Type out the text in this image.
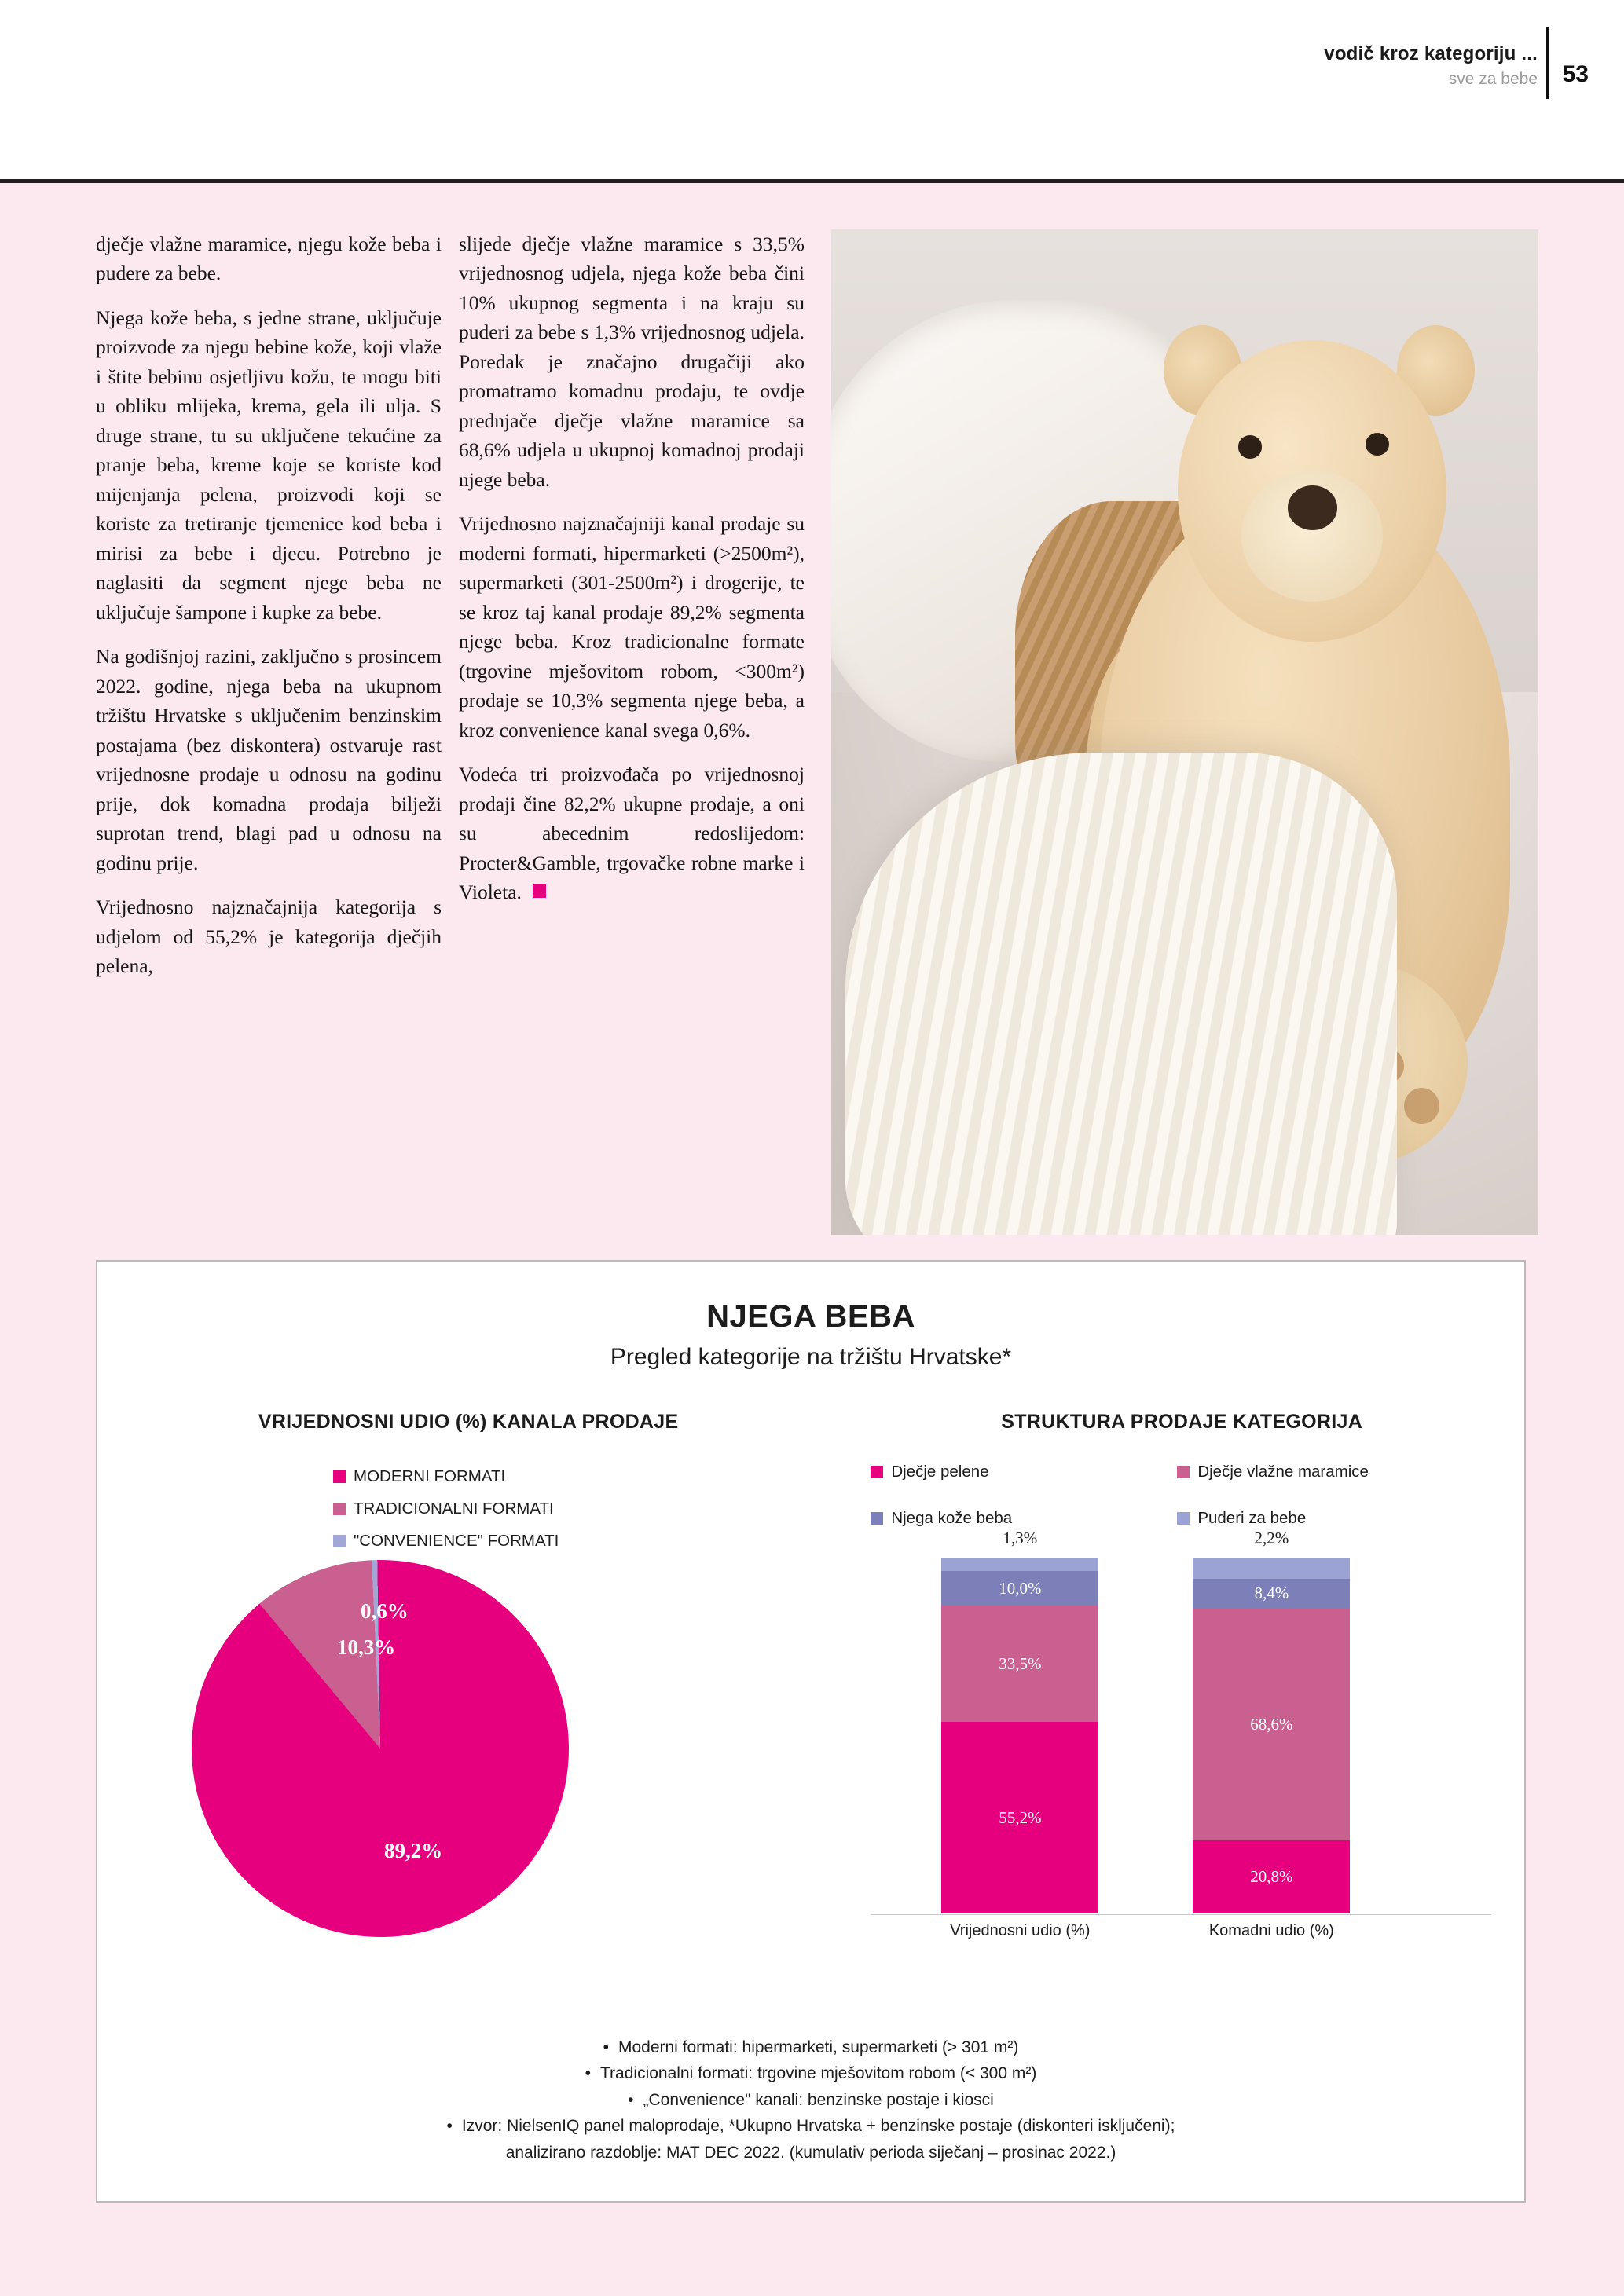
vodič kroz kategoriju ...
sve za bebe 53

dječje vlažne maramice, njegu kože beba i pudere za bebe.

Njega kože beba, s jedne strane, uključuje proizvode za njegu bebine kože, koji vlaže i štite bebinu osjetljivu kožu, te mogu biti u obliku mlijeka, krema, gela ili ulja. S druge strane, tu su uključene tekućine za pranje beba, kreme koje se koriste kod mijenjanja pelena, proizvodi koji se koriste za tretiranje tjemenice kod beba i mirisi za bebe i djecu. Potrebno je naglasiti da segment njege beba ne uključuje šampone i kupke za bebe.

Na godišnjoj razini, zaključno s prosincem 2022. godine, njega beba na ukupnom tržištu Hrvatske s uključenim benzinskim postajama (bez diskontera) ostvaruje rast vrijednosne prodaje u odnosu na godinu prije, dok komadna prodaja bilježi suprotan trend, blagi pad u odnosu na godinu prije.

Vrijednosno najznačajnija kategorija s udjelom od 55,2% je kategorija dječjih pelena,

slijede dječje vlažne maramice s 33,5% vrijednosnog udjela, njega kože beba čini 10% ukupnog segmenta i na kraju su puderi za bebe s 1,3% vrijednosnog udjela. Poredak je značajno drugačiji ako promatramo komadnu prodaju, te ovdje prednjače dječje vlažne maramice sa 68,6% udjela u ukupnoj komadnoj prodaji njege beba.

Vrijednosno najznačajniji kanal prodaje su moderni formati, hipermarketi (>2500m²), supermarketi (301-2500m²) i drogerije, te se kroz taj kanal prodaje 89,2% segmenta njege beba. Kroz tradicionalne formate (trgovine mješovitom robom, <300m²) prodaje se 10,3% segmenta njege beba, a kroz convenience kanal svega 0,6%.

Vodeća tri proizvođača po vrijednosnoj prodaji čine 82,2% ukupne prodaje, a oni su abecednim redoslijedom: Procter&Gamble, trgovačke robne marke i Violeta.

NJEGA BEBA
Pregled kategorije na tržištu Hrvatske*
VRIJEDNOSNI UDIO (%) KANALA PRODAJE
MODERNI FORMATI
TRADICIONALNI FORMATI
"CONVENIENCE" FORMATI
89,2%
10,3%
0,6%
STRUKTURA PRODAJE KATEGORIJA
Dječje pelene	Dječje vlažne maramice
Njega kože beba	Puderi za bebe
1,3%
10,0%
33,5%
55,2%
2,2%
8,4%
68,6%
20,8%
Vrijednosni udio (%)	Komadni udio (%)
• Moderni formati: hipermarketi, supermarketi (> 301 m²)
• Tradicionalni formati: trgovine mješovitom robom (< 300 m²)
• „Convenience" kanali: benzinske postaje i kiosci
• Izvor: NielsenIQ panel maloprodaje, *Ukupno Hrvatska + benzinske postaje (diskonteri isključeni);
analizirano razdoblje: MAT DEC 2022. (kumulativ perioda siječanj – prosinac 2022.)
